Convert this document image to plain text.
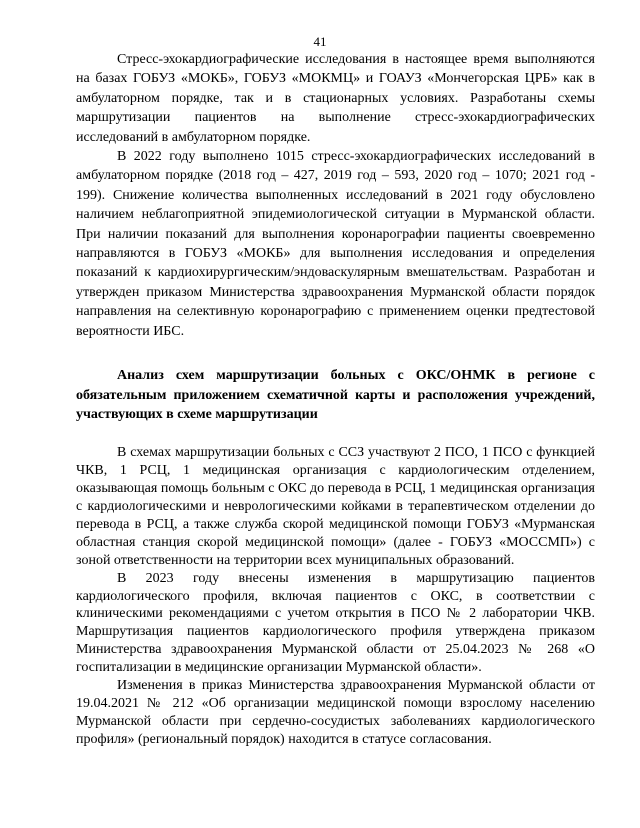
41

Стресс-эхокардиографические исследования в настоящее время выполняются на базах ГОБУЗ «МОКБ», ГОБУЗ «МОКМЦ» и ГОАУЗ «Мончегорская ЦРБ» как в амбулаторном порядке, так и в стационарных условиях. Разработаны схемы маршрутизации пациентов на выполнение стресс-эхокардиографических исследований в амбулаторном порядке.

В 2022 году выполнено 1015 стресс-эхокардиографических исследований в амбулаторном порядке (2018 год – 427, 2019 год – 593, 2020 год – 1070; 2021 год - 199). Снижение количества выполненных исследований в 2021 году обусловлено наличием неблагоприятной эпидемиологической ситуации в Мурманской области. При наличии показаний для выполнения коронарографии пациенты своевременно направляются в ГОБУЗ «МОКБ» для выполнения исследования и определения показаний к кардиохирургическим/эндоваскулярным вмешательствам. Разработан и утвержден приказом Министерства здравоохранения Мурманской области порядок направления на селективную коронарографию с применением оценки предтестовой вероятности ИБС.

Анализ схем маршрутизации больных с ОКС/ОНМК в регионе с обязательным приложением схематичной карты и расположения учреждений, участвующих в схеме маршрутизации

В схемах маршрутизации больных с ССЗ участвуют 2 ПСО, 1 ПСО с функцией ЧКВ, 1 РСЦ, 1 медицинская организация с кардиологическим отделением, оказывающая помощь больным с ОКС до перевода в РСЦ, 1 медицинская организация с кардиологическими и неврологическими койками в терапевтическом отделении до перевода в РСЦ, а также служба скорой медицинской помощи ГОБУЗ «Мурманская областная станция скорой медицинской помощи» (далее - ГОБУЗ «МОССМП») с зоной ответственности на территории всех муниципальных образований.

В 2023 году внесены изменения в маршрутизацию пациентов кардиологического профиля, включая пациентов с ОКС, в соответствии с клиническими рекомендациями с учетом открытия в ПСО № 2 лаборатории ЧКВ. Маршрутизация пациентов кардиологического профиля утверждена приказом Министерства здравоохранения Мурманской области от 25.04.2023 № 268 «О госпитализации в медицинские организации Мурманской области».

Изменения в приказ Министерства здравоохранения Мурманской области от 19.04.2021 № 212 «Об организации медицинской помощи взрослому населению Мурманской области при сердечно-сосудистых заболеваниях кардиологического профиля» (региональный порядок) находится в статусе согласования.
